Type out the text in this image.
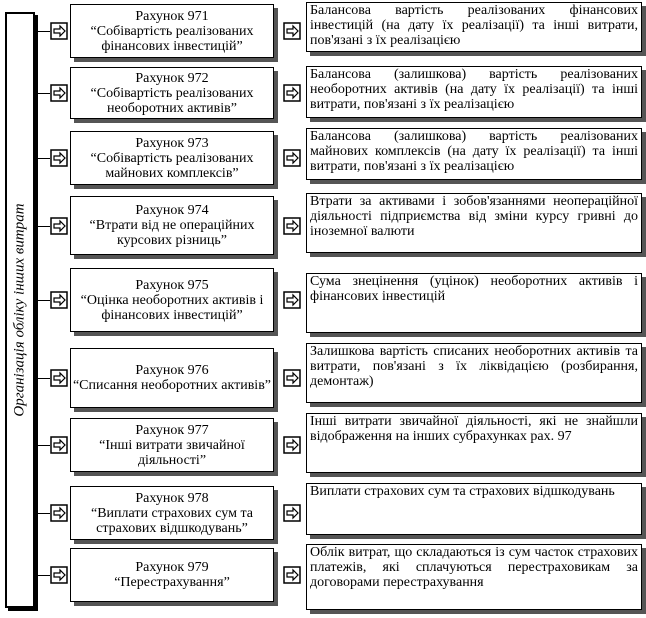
Організація обліку інших витрат
Рахунок 971
“Собівартість реалізованих фінансових інвестицій”
Балансова вартість реалізованих фінансових інвестицій (на дату їх реалізації) та інші витрати, пов'язані з їх реалізацією
Рахунок 972
“Собівартість реалізованих необоротних активів”
Балансова (залишкова) вартість реалізованих необоротних активів (на дату їх реалізації) та інші витрати, пов'язані з їх реалізацією
Рахунок 973
“Собівартість реалізованих майнових комплексів”
Балансова (залишкова) вартість реалізованих майнових комплексів (на дату їх реалізації) та інші витрати, пов'язані з їх реалізацією
Рахунок 974
“Втрати від не операційних курсових різниць”
Втрати за активами і зобов'язаннями неопераційної діяльності підприємства від зміни курсу гривні до іноземної валюти
Рахунок 975
“Оцінка необоротних активів і фінансових інвестицій”
Сума знецінення (уцінок) необоротних активів і фінансових інвестицій
Рахунок 976
“Списання необоротних активів”
Залишкова вартість списаних необоротних активів та витрати, пов'язані з їх ліквідацією (розбирання, демонтаж)
Рахунок 977
“Інші витрати звичайної діяльності”
Інші витрати звичайної діяльності, які не знайшли відображення на інших субрахунках рах. 97
Рахунок 978
“Виплати страхових сум та страхових відшкодувань”
Виплати страхових сум та страхових відшкодувань
Рахунок 979
“Перестрахування”
Облік витрат, що складаються із сум часток страхових платежів, які сплачуються перестраховикам за договорами перестрахування
